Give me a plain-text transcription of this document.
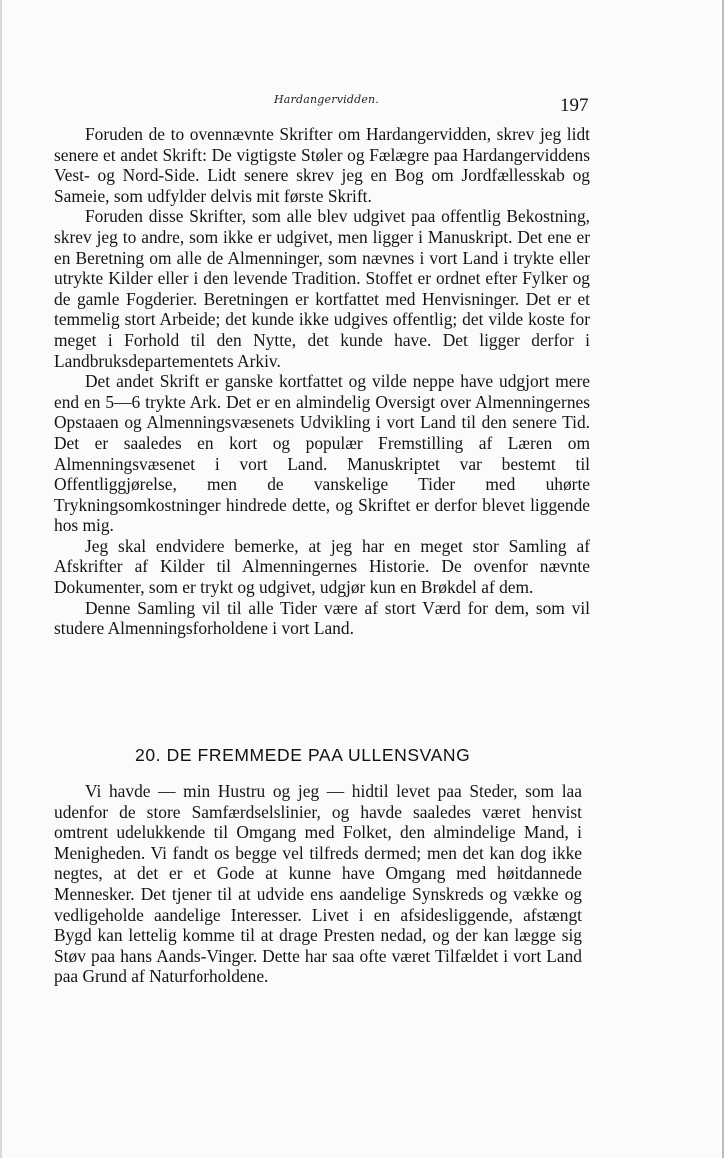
Hardangervidden.	197

Foruden de to ovennævnte Skrifter om Hardangervidden, skrev jeg lidt senere et andet Skrift: De vigtigste Støler og Fælægre paa Hardangerviddens Vest- og Nord-Side. Lidt senere skrev jeg en Bog om Jordfællesskab og Sameie, som udfylder delvis mit første Skrift.

Foruden disse Skrifter, som alle blev udgivet paa offentlig Bekostning, skrev jeg to andre, som ikke er udgivet, men ligger i Manuskript. Det ene er en Beretning om alle de Almenninger, som nævnes i vort Land i trykte eller utrykte Kilder eller i den levende Tradition. Stoffet er ordnet efter Fylker og de gamle Fogderier. Beretningen er kortfattet med Henvisninger. Det er et temmelig stort Arbeide; det kunde ikke udgives offentlig; det vilde koste for meget i Forhold til den Nytte, det kunde have. Det ligger derfor i Landbruksdepartementets Arkiv.

Det andet Skrift er ganske kortfattet og vilde neppe have udgjort mere end en 5—6 trykte Ark. Det er en almindelig Oversigt over Almenningernes Opstaaen og Almenningsvæsenets Udvikling i vort Land til den senere Tid. Det er saaledes en kort og populær Fremstilling af Læren om Almenningsvæsenet i vort Land. Manuskriptet var bestemt til Offentliggjørelse, men de vanskelige Tider med uhørte Trykningsomkostninger hindrede dette, og Skriftet er derfor blevet liggende hos mig.

Jeg skal endvidere bemerke, at jeg har en meget stor Samling af Afskrifter af Kilder til Almenningernes Historie. De ovenfor nævnte Dokumenter, som er trykt og udgivet, udgjør kun en Brøkdel af dem.

Denne Samling vil til alle Tider være af stort Værd for dem, som vil studere Almenningsforholdene i vort Land.

20. DE FREMMEDE PAA ULLENSVANG

Vi havde — min Hustru og jeg — hidtil levet paa Steder, som laa udenfor de store Samfærdselslinier, og havde saaledes været henvist omtrent udelukkende til Omgang med Folket, den almindelige Mand, i Menigheden. Vi fandt os begge vel tilfreds dermed; men det kan dog ikke negtes, at det er et Gode at kunne have Omgang med høitdannede Mennesker. Det tjener til at udvide ens aandelige Synskreds og vække og vedligeholde aandelige Interesser. Livet i en afsidesliggende, afstængt Bygd kan lettelig komme til at drage Presten nedad, og der kan lægge sig Støv paa hans Aands-Vinger. Dette har saa ofte været Tilfældet i vort Land paa Grund af Naturforholdene.
